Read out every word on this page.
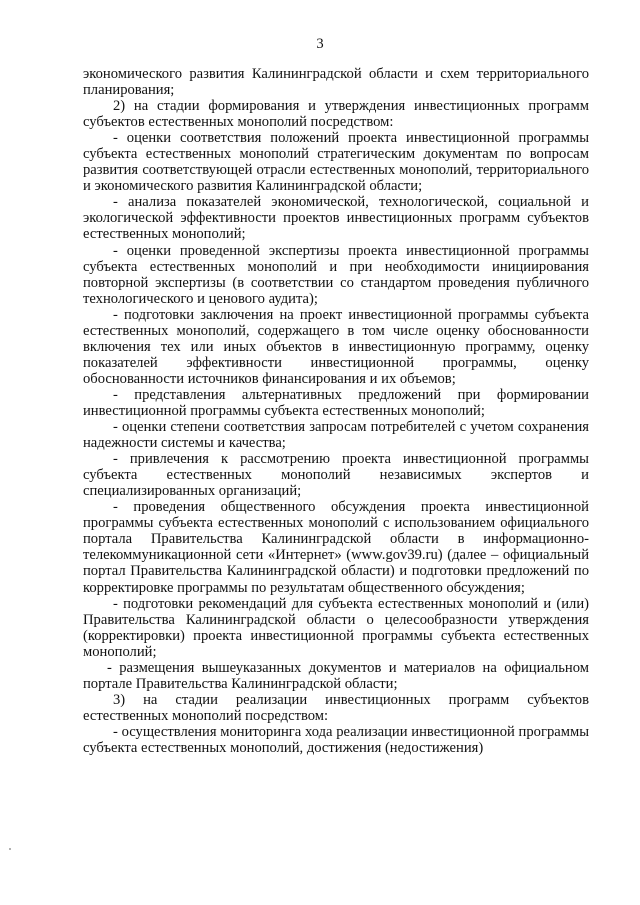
3

экономического развития Калининградской области и схем территориального планирования;

2) на стадии формирования и утверждения инвестиционных программ субъектов естественных монополий посредством:

- оценки соответствия положений проекта инвестиционной программы субъекта естественных монополий стратегическим документам по вопросам развития соответствующей отрасли естественных монополий, территориального и экономического развития Калининградской области;

- анализа показателей экономической, технологической, социальной и экологической эффективности проектов инвестиционных программ субъектов естественных монополий;

- оценки проведенной экспертизы проекта инвестиционной программы субъекта естественных монополий и при необходимости инициирования повторной экспертизы (в соответствии со стандартом проведения публичного технологического и ценового аудита);

- подготовки заключения на проект инвестиционной программы субъекта естественных монополий, содержащего в том числе оценку обоснованности включения тех или иных объектов в инвестиционную программу, оценку показателей эффективности инвестиционной программы, оценку обоснованности источников финансирования и их объемов;

- представления альтернативных предложений при формировании инвестиционной программы субъекта естественных монополий;

- оценки степени соответствия запросам потребителей с учетом сохранения надежности системы и качества;

- привлечения к рассмотрению проекта инвестиционной программы субъекта естественных монополий независимых экспертов и специализированных организаций;

- проведения общественного обсуждения проекта инвестиционной программы субъекта естественных монополий с использованием официального портала Правительства Калининградской области в информационно-телекоммуникационной сети «Интернет» (www.gov39.ru) (далее – официальный портал Правительства Калининградской области) и подготовки предложений по корректировке программы по результатам общественного обсуждения;

- подготовки рекомендаций для субъекта естественных монополий и (или) Правительства Калининградской области о целесообразности утверждения (корректировки) проекта инвестиционной программы субъекта естественных монополий;

- размещения вышеуказанных документов и материалов на официальном портале Правительства Калининградской области;

3) на стадии реализации инвестиционных программ субъектов естественных монополий посредством:

- осуществления мониторинга хода реализации инвестиционной программы субъекта естественных монополий, достижения (недостижения)
